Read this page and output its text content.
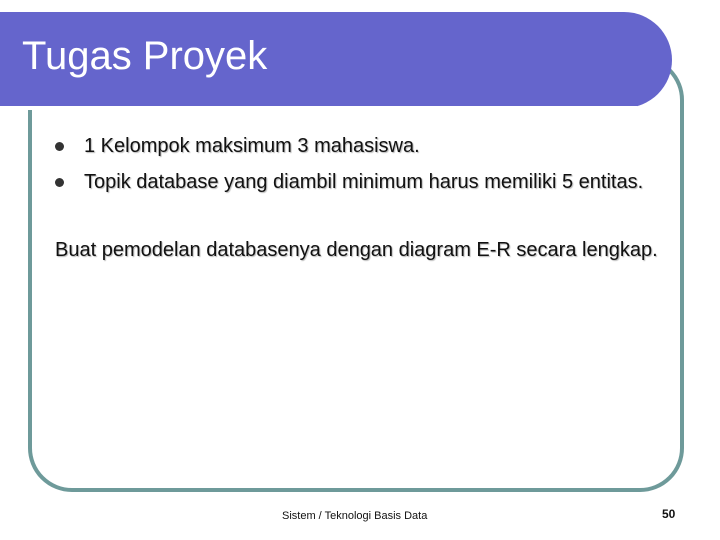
Tugas Proyek
1 Kelompok maksimum 3 mahasiswa.
Topik database yang diambil minimum harus memiliki 5 entitas.

Buat pemodelan databasenya dengan diagram E-R secara lengkap.

Sistem / Teknologi Basis Data	50
